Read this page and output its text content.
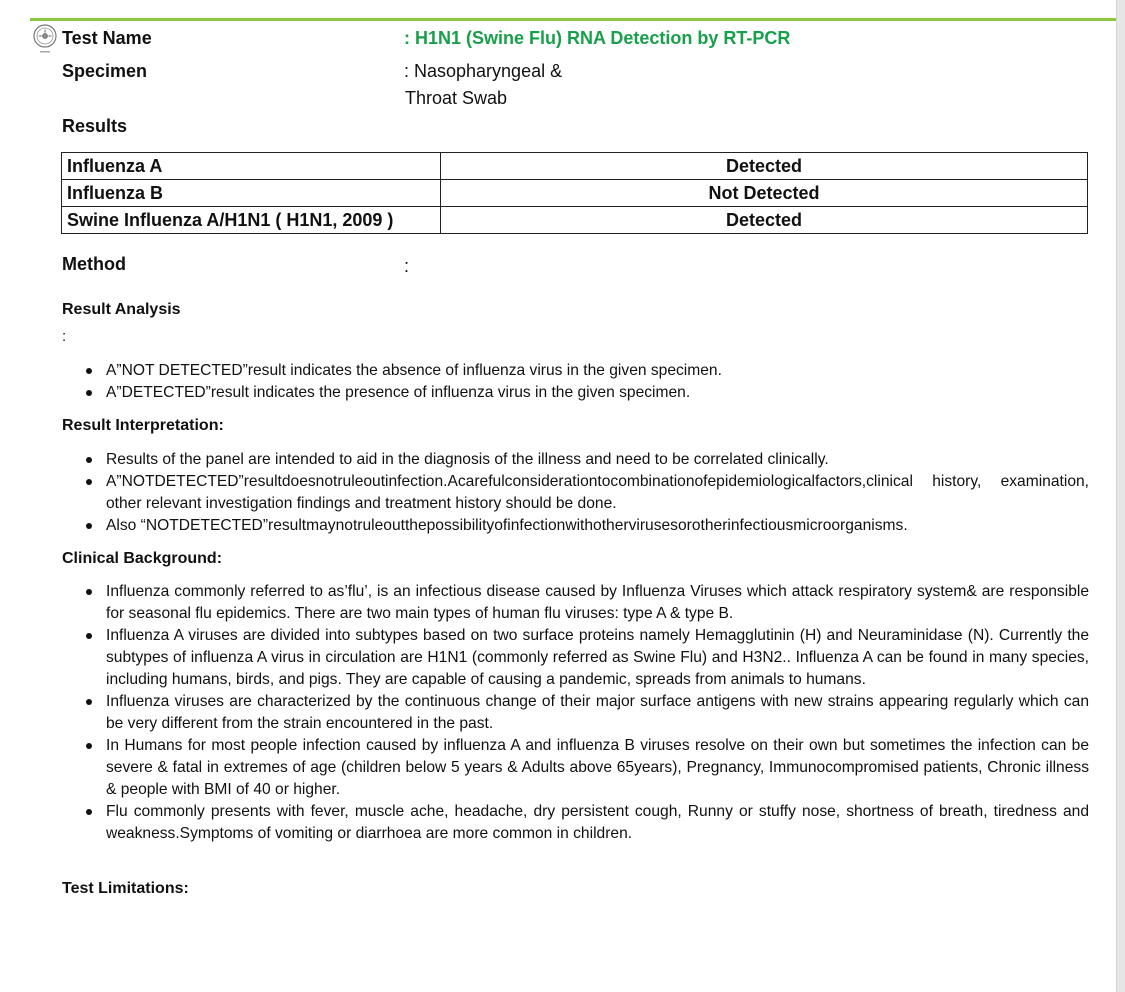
Test Name	: H1N1 (Swine Flu) RNA Detection by RT-PCR
Specimen	: Nasopharyngeal &
Throat Swab
Results
Influenza A	Detected
Influenza B	Not Detected
Swine Influenza A/H1N1 ( H1N1, 2009 )	Detected
Method	:
Result Analysis
:
A”NOT DETECTED”result indicates the absence of influenza virus in the given specimen.
A”DETECTED”result indicates the presence of influenza virus in the given specimen.
Result Interpretation:
Results of the panel are intended to aid in the diagnosis of the illness and need to be correlated clinically.
A”NOTDETECTED”resultdoesnotruleoutinfection.Acarefulconsiderationtocombinationofepidemiologicalfactors,clinical history, examination, other relevant investigation findings and treatment history should be done.
Also “NOTDETECTED”resultmaynotruleoutthepossibilityofinfectionwithothervirusesorotherinfectiousmicroorganisms.
Clinical Background:
Influenza commonly referred to as’flu’, is an infectious disease caused by Influenza Viruses which attack respiratory system& are responsible for seasonal flu epidemics. There are two main types of human flu viruses: type A & type B.
Influenza A viruses are divided into subtypes based on two surface proteins namely Hemagglutinin (H) and Neuraminidase (N). Currently the subtypes of influenza A virus in circulation are H1N1 (commonly referred as Swine Flu) and H3N2.. Influenza A can be found in many species, including humans, birds, and pigs. They are capable of causing a pandemic, spreads from animals to humans.
Influenza viruses are characterized by the continuous change of their major surface antigens with new strains appearing regularly which can be very different from the strain encountered in the past.
In Humans for most people infection caused by influenza A and influenza B viruses resolve on their own but sometimes the infection can be severe & fatal in extremes of age (children below 5 years & Adults above 65years), Pregnancy, Immunocompromised patients, Chronic illness & people with BMI of 40 or higher.
Flu commonly presents with fever, muscle ache, headache, dry persistent cough, Runny or stuffy nose, shortness of breath, tiredness and weakness.Symptoms of vomiting or diarrhoea are more common in children.
Test Limitations:
